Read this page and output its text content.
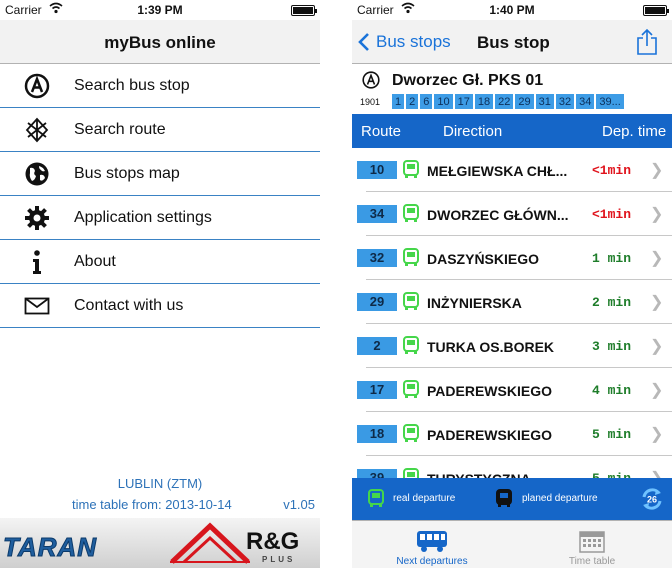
Carrier	1:39 PM
myBus online
Search bus stop
Search route
Bus stops map
Application settings
About
Contact with us
LUBLIN (ZTM)
time table from: 2013-10-14	v1.05
TARAN	R&G
PLUS
Carrier	1:40 PM
Bus stops Bus stop
Dworzec Gł. PKS 01
1901 1 2 6 10 17 18 22 29 31 32 34 39...
Route	Direction	Dep. time
10	MEŁGIEWSKA CHŁ...	<1min ❯
34	DWORZEC GŁÓWN...	<1min ❯
32	DASZYŃSKIEGO	1 min ❯
29	INŻYNIERSKA	2 min ❯
2	TURKA OS.BOREK	3 min ❯
17	PADEREWSKIEGO	4 min ❯
18	PADEREWSKIEGO	5 min ❯
real departure	planed departure	26
Next departures	Time table
